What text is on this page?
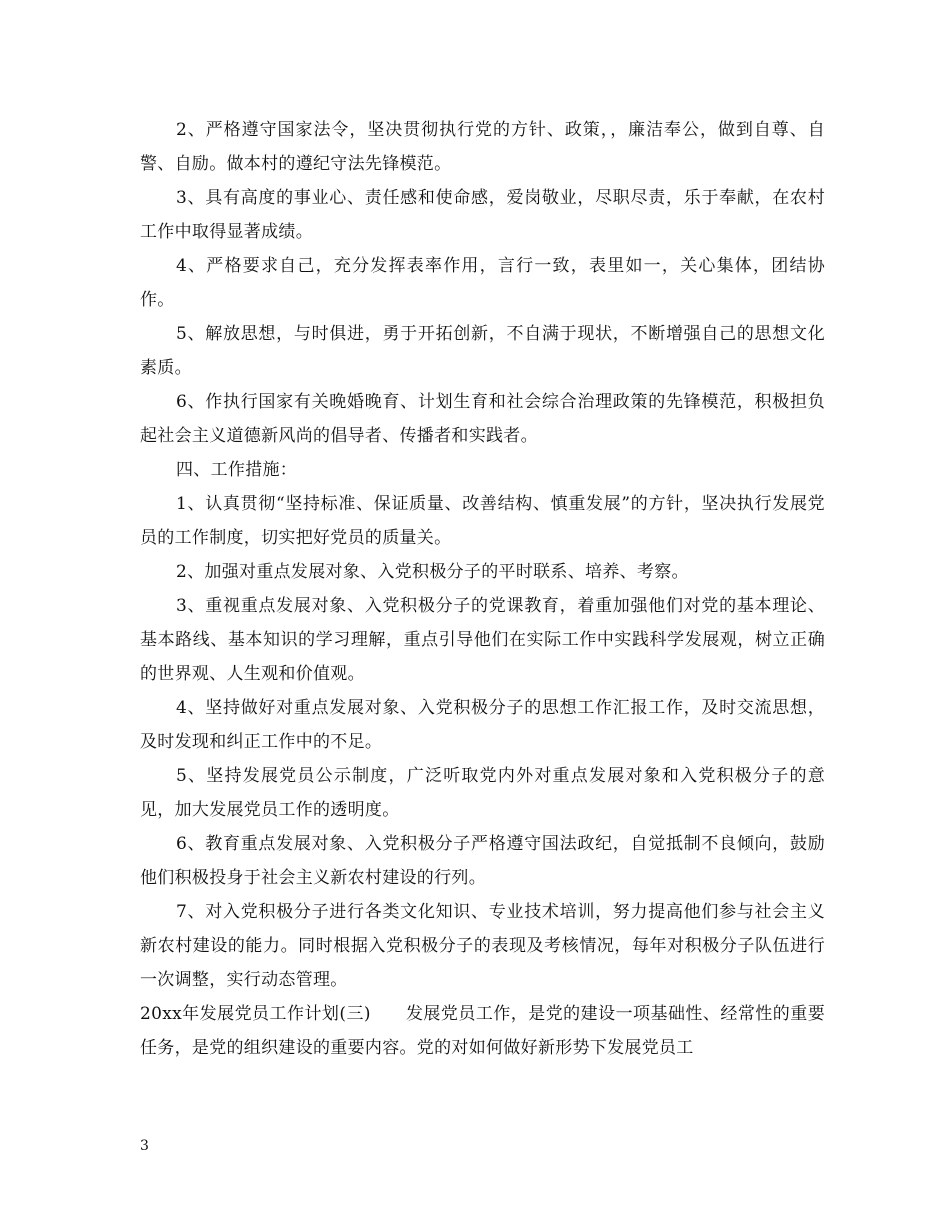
2、严格遵守国家法令，坚决贯彻执行党的方针、政策，，廉洁奉公，做到自尊、自警、自励。做本村的遵纪守法先锋模范。

3、具有高度的事业心、责任感和使命感，爱岗敬业，尽职尽责，乐于奉献，在农村工作中取得显著成绩。

4、严格要求自己，充分发挥表率作用，言行一致，表里如一，关心集体，团结协作。

5、解放思想，与时俱进，勇于开拓创新，不自满于现状，不断增强自己的思想文化素质。

6、作执行国家有关晚婚晚育、计划生育和社会综合治理政策的先锋模范，积极担负起社会主义道德新风尚的倡导者、传播者和实践者。

四、工作措施：

1、认真贯彻“坚持标准、保证质量、改善结构、慎重发展”的方针，坚决执行发展党员的工作制度，切实把好党员的质量关。

2、加强对重点发展对象、入党积极分子的平时联系、培养、考察。

3、重视重点发展对象、入党积极分子的党课教育，着重加强他们对党的基本理论、基本路线、基本知识的学习理解，重点引导他们在实际工作中实践科学发展观，树立正确的世界观、人生观和价值观。

4、坚持做好对重点发展对象、入党积极分子的思想工作汇报工作，及时交流思想，及时发现和纠正工作中的不足。

5、坚持发展党员公示制度，广泛听取党内外对重点发展对象和入党积极分子的意见，加大发展党员工作的透明度。

6、教育重点发展对象、入党积极分子严格遵守国法政纪，自觉抵制不良倾向，鼓励他们积极投身于社会主义新农村建设的行列。

7、对入党积极分子进行各类文化知识、专业技术培训，努力提高他们参与社会主义新农村建设的能力。同时根据入党积极分子的表现及考核情况，每年对积极分子队伍进行一次调整，实行动态管理。

20xx年发展党员工作计划(三)　　发展党员工作，是党的建设一项基础性、经常性的重要任务，是党的组织建设的重要内容。党的对如何做好新形势下发展党员工

3
